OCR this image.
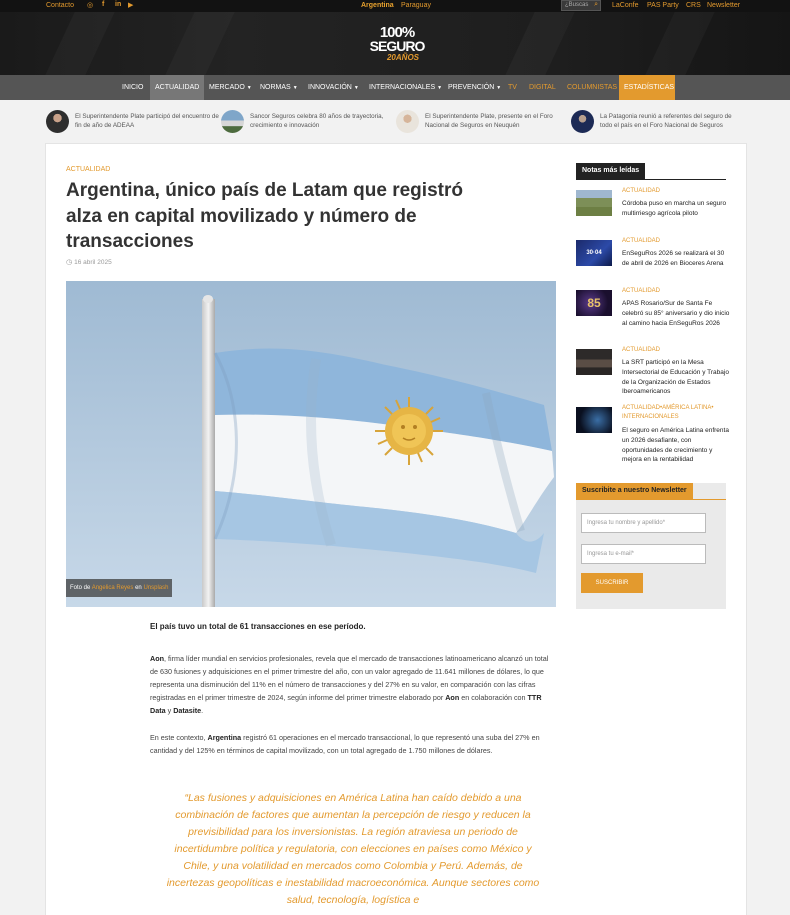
Contacto ◎ f in ▶	Argentina Paraguay	¿Buscas ⌕ LaConfe PAS Party CRS Newsletter
100%
SEGURO
20AÑOS
INICIO	ACTUALIDAD	MERCADO ▼	NORMAS ▼	INNOVACIÓN ▼	INTERNACIONALES ▼ PREVENCIÓN ▼ TV	DIGITAL	COLUMNISTAS ESTADÍSTICAS
El Superintendente Plate participó del encuentro de fin de año de ADEAA
Sancor Seguros celebra 80 años de trayectoria, crecimiento e innovación
El Superintendente Plate, presente en el Foro Nacional de Seguros en Neuquén
La Patagonia reunió a referentes del seguro de todo el país en el Foro Nacional de Seguros
ACTUALIDAD
Argentina, único país de Latam que registró alza en capital movilizado y número de transacciones
◷ 16 abril 2025
Foto de Angelica Reyes en Unsplash
El país tuvo un total de 61 transacciones en ese período.
Aon, firma líder mundial en servicios profesionales, revela que el mercado de transacciones latinoamericano alcanzó un total de 630 fusiones y adquisiciones en el primer trimestre del año, con un valor agregado de 11.641 millones de dólares, lo que representa una disminución del 11% en el número de transacciones y del 27% en su valor, en comparación con las cifras registradas en el primer trimestre de 2024, según informe del primer trimestre elaborado por Aon en colaboración con TTR Data y Datasite.
En este contexto, Argentina registró 61 operaciones en el mercado transaccional, lo que representó una suba del 27% en cantidad y del 125% en términos de capital movilizado, con un total agregado de 1.750 millones de dólares.
“Las fusiones y adquisiciones en América Latina han caído debido a una combinación de factores que aumentan la percepción de riesgo y reducen la previsibilidad para los inversionistas. La región atraviesa un periodo de incertidumbre política y regulatoria, con elecciones en países como México y Chile, y una volatilidad en mercados como Colombia y Perú. Además, de incertezas geopolíticas e inestabilidad macroeconómica. Aunque sectores como salud, tecnología, logística e
Notas más leídas
ACTUALIDAD
Córdoba puso en marcha un seguro multirriesgo agrícola piloto
30·04
ACTUALIDAD
EnSeguRos 2026 se realizará el 30 de abril de 2026 en Bioceres Arena
85
ACTUALIDAD
APAS Rosario/Sur de Santa Fe celebró su 85° aniversario y dio inicio al camino hacia EnSeguRos 2026
ACTUALIDAD
La SRT participó en la Mesa Intersectorial de Educación y Trabajo de la Organización de Estados Iberoamericanos
ACTUALIDAD•AMÉRICA LATINA• INTERNACIONALES
El seguro en América Latina enfrenta un 2026 desafiante, con oportunidades de crecimiento y mejora en la rentabilidad
Suscribite a nuestro Newsletter
Ingresa tu nombre y apellido*
Ingresa tu e-mail*
SUSCRIBIR
